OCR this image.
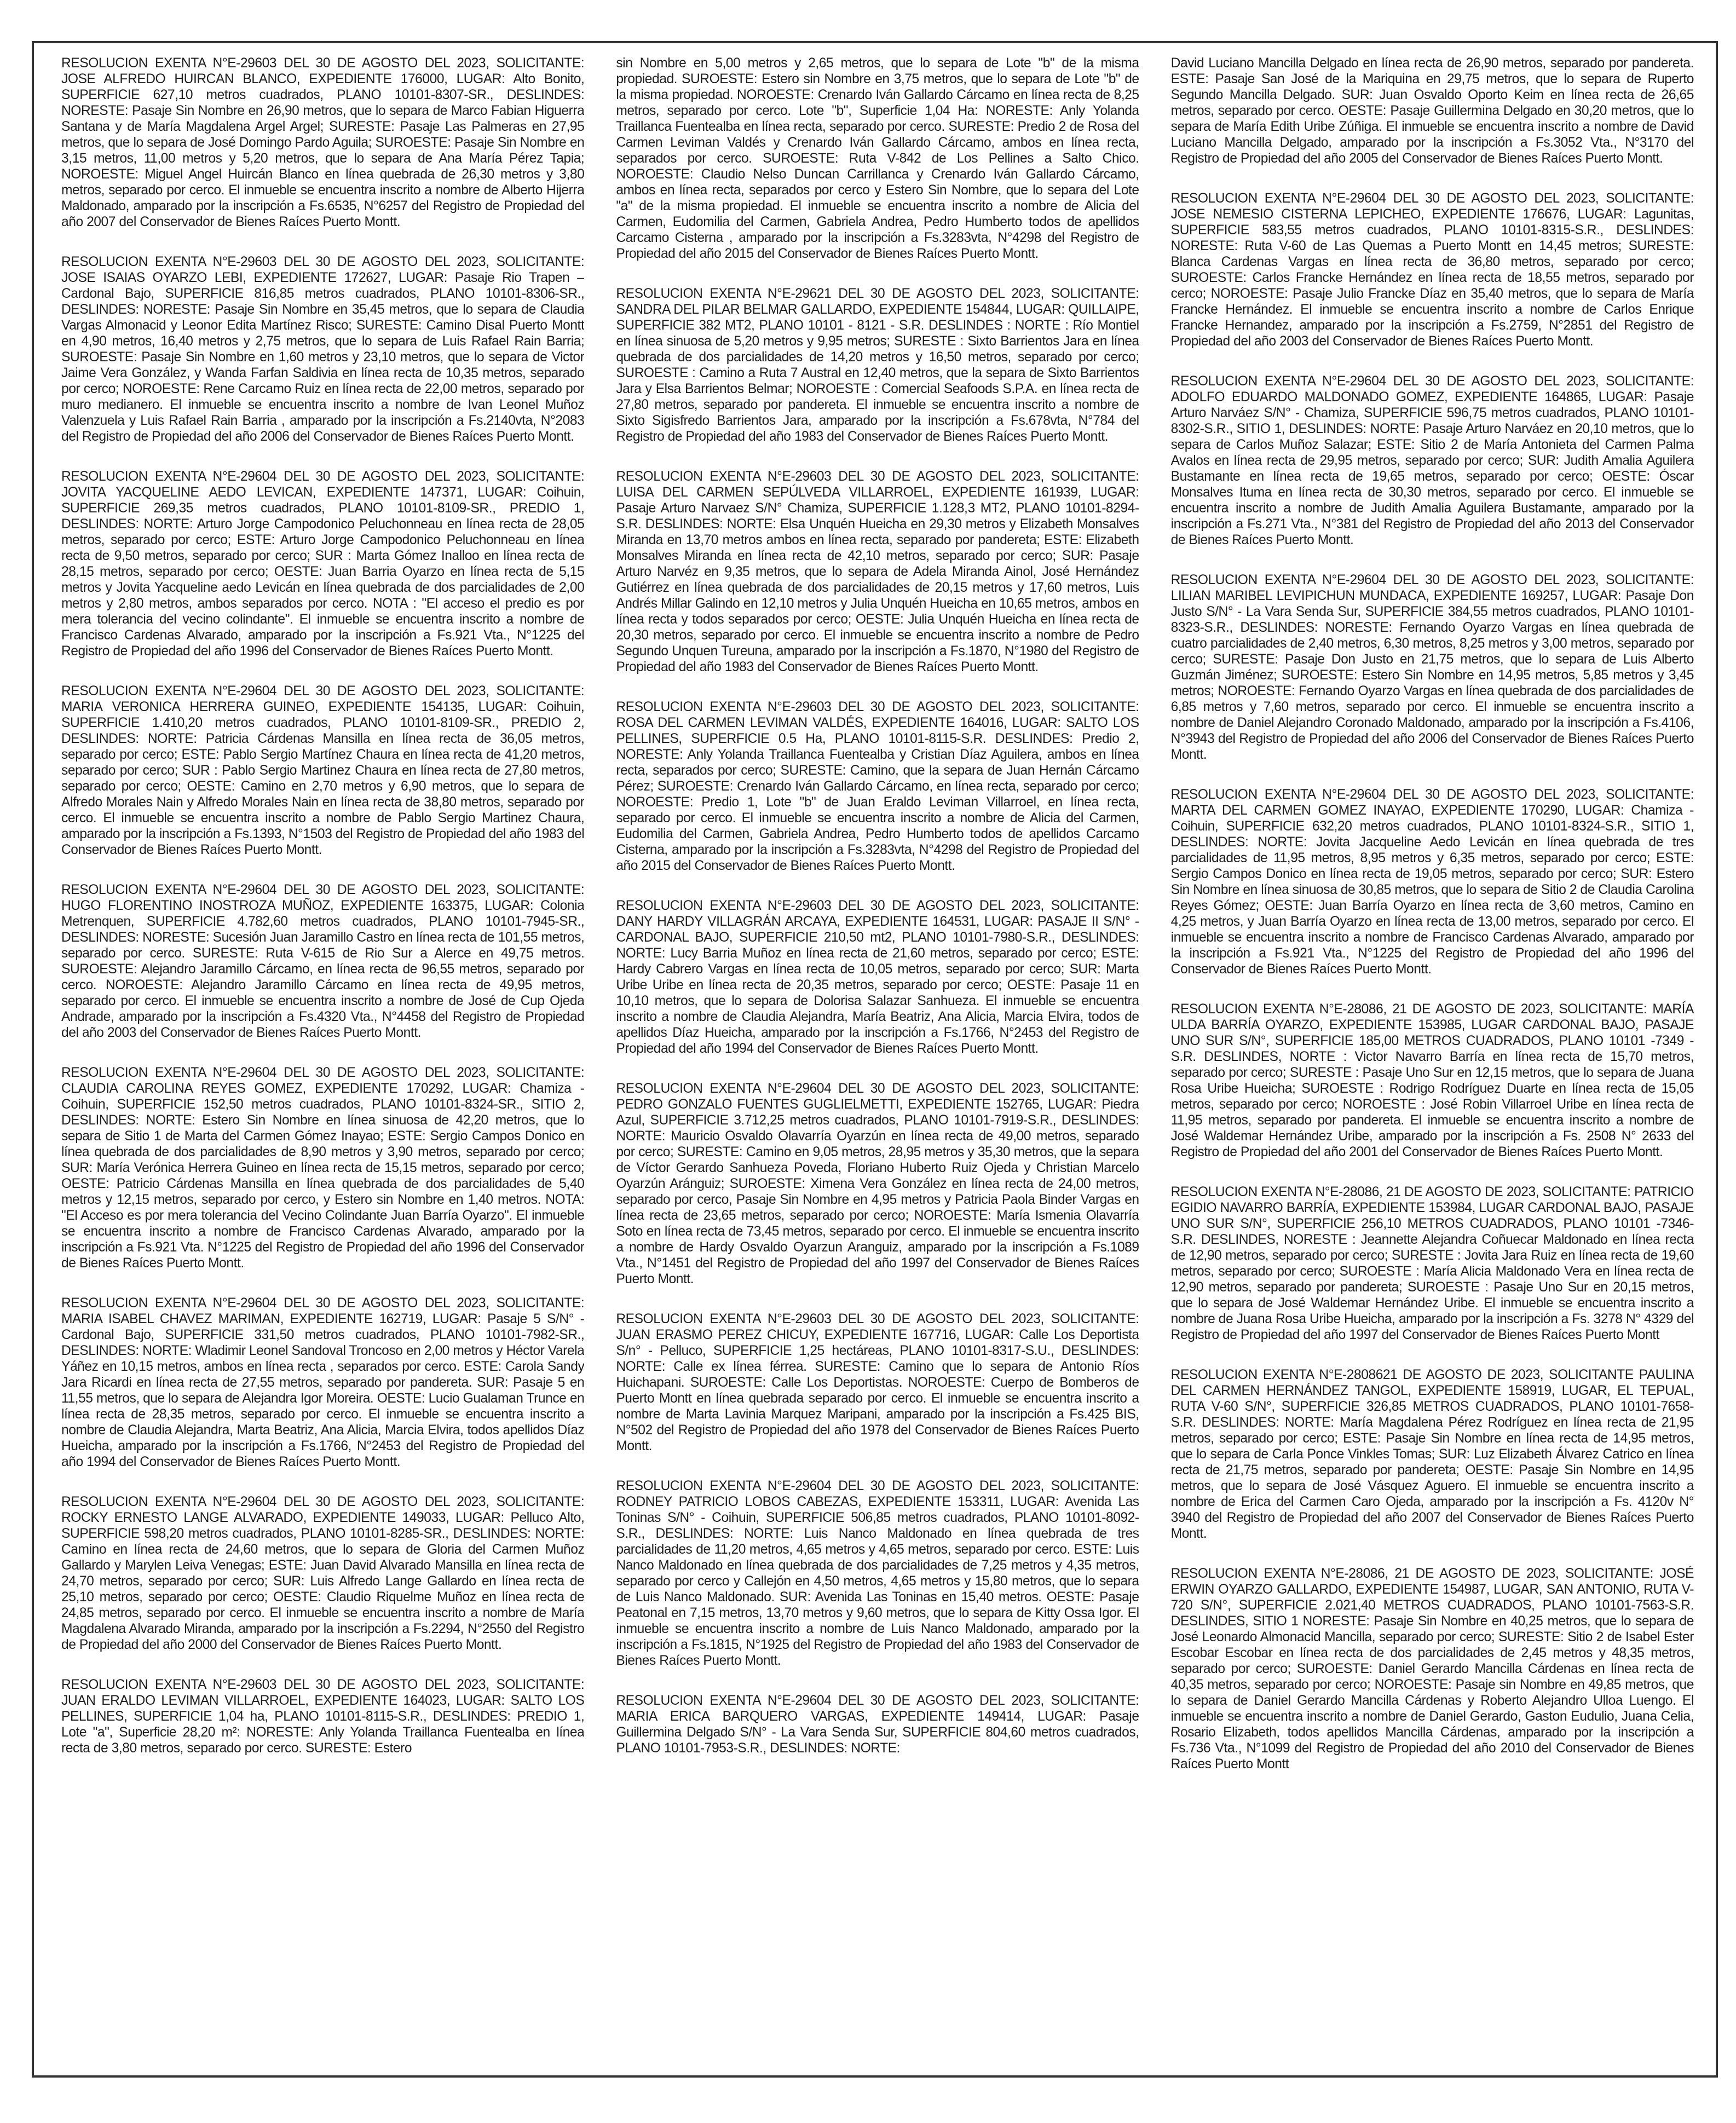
RESOLUCION EXENTA N°E-29603 DEL 30 DE AGOSTO DEL 2023, SOLICITANTE: JOSE ALFREDO HUIRCAN BLANCO, EXPEDIENTE 176000, LUGAR: Alto Bonito, SUPERFICIE 627,10 metros cuadrados, PLANO 10101-8307-SR., DESLINDES: NORESTE: Pasaje Sin Nombre en 26,90 metros, que lo separa de Marco Fabian Higuerra Santana y de María Magdalena Argel Argel; SURESTE: Pasaje Las Palmeras en 27,95 metros, que lo separa de José Domingo Pardo Aguila; SUROESTE: Pasaje Sin Nombre en 3,15 metros, 11,00 metros y 5,20 metros, que lo separa de Ana María Pérez Tapia; NOROESTE: Miguel Angel Huircán Blanco en línea quebrada de 26,30 metros y 3,80 metros, separado por cerco. El inmueble se encuentra inscrito a nombre de Alberto Hijerra Maldonado, amparado por la inscripción a Fs.6535, N°6257 del Registro de Propiedad del año 2007 del Conservador de Bienes Raíces Puerto Montt.

RESOLUCION EXENTA N°E-29603 DEL 30 DE AGOSTO DEL 2023, SOLICITANTE: JOSE ISAIAS OYARZO LEBI, EXPEDIENTE 172627, LUGAR: Pasaje Rio Trapen – Cardonal Bajo, SUPERFICIE 816,85 metros cuadrados, PLANO 10101-8306-SR., DESLINDES: NORESTE: Pasaje Sin Nombre en 35,45 metros, que lo separa de Claudia Vargas Almonacid y Leonor Edita Martínez Risco; SURESTE: Camino Disal Puerto Montt en 4,90 metros, 16,40 metros y 2,75 metros, que lo separa de Luis Rafael Rain Barria; SUROESTE: Pasaje Sin Nombre en 1,60 metros y 23,10 metros, que lo separa de Victor Jaime Vera González, y Wanda Farfan Saldivia en línea recta de 10,35 metros, separado por cerco; NOROESTE: Rene Carcamo Ruiz en línea recta de 22,00 metros, separado por muro medianero. El inmueble se encuentra inscrito a nombre de Ivan Leonel Muñoz Valenzuela y Luis Rafael Rain Barria , amparado por la inscripción a Fs.2140vta, N°2083 del Registro de Propiedad del año 2006 del Conservador de Bienes Raíces Puerto Montt.

RESOLUCION EXENTA N°E-29604 DEL 30 DE AGOSTO DEL 2023, SOLICITANTE: JOVITA YACQUELINE AEDO LEVICAN, EXPEDIENTE 147371, LUGAR: Coihuin, SUPERFICIE 269,35 metros cuadrados, PLANO 10101-8109-SR., PREDIO 1, DESLINDES: NORTE: Arturo Jorge Campodonico Peluchonneau en línea recta de 28,05 metros, separado por cerco; ESTE: Arturo Jorge Campodonico Peluchonneau en línea recta de 9,50 metros, separado por cerco; SUR : Marta Gómez Inalloo en línea recta de 28,15 metros, separado por cerco; OESTE: Juan Barria Oyarzo en línea recta de 5,15 metros y Jovita Yacqueline aedo Levicán en línea quebrada de dos parcialidades de 2,00 metros y 2,80 metros, ambos separados por cerco. NOTA : "El acceso el predio es por mera tolerancia del vecino colindante". El inmueble se encuentra inscrito a nombre de Francisco Cardenas Alvarado, amparado por la inscripción a Fs.921 Vta., N°1225 del Registro de Propiedad del año 1996 del Conservador de Bienes Raíces Puerto Montt.

RESOLUCION EXENTA N°E-29604 DEL 30 DE AGOSTO DEL 2023, SOLICITANTE: MARIA VERONICA HERRERA GUINEO, EXPEDIENTE 154135, LUGAR: Coihuin, SUPERFICIE 1.410,20 metros cuadrados, PLANO 10101-8109-SR., PREDIO 2, DESLINDES: NORTE: Patricia Cárdenas Mansilla en línea recta de 36,05 metros, separado por cerco; ESTE: Pablo Sergio Martínez Chaura en línea recta de 41,20 metros, separado por cerco; SUR : Pablo Sergio Martinez Chaura en línea recta de 27,80 metros, separado por cerco; OESTE: Camino en 2,70 metros y 6,90 metros, que lo separa de Alfredo Morales Nain y Alfredo Morales Nain en línea recta de 38,80 metros, separado por cerco. El inmueble se encuentra inscrito a nombre de Pablo Sergio Martinez Chaura, amparado por la inscripción a Fs.1393, N°1503 del Registro de Propiedad del año 1983 del Conservador de Bienes Raíces Puerto Montt.

RESOLUCION EXENTA N°E-29604 DEL 30 DE AGOSTO DEL 2023, SOLICITANTE: HUGO FLORENTINO INOSTROZA MUÑOZ, EXPEDIENTE 163375, LUGAR: Colonia Metrenquen, SUPERFICIE 4.782,60 metros cuadrados, PLANO 10101-7945-SR., DESLINDES: NORESTE: Sucesión Juan Jaramillo Castro en línea recta de 101,55 metros, separado por cerco. SURESTE: Ruta V-615 de Rio Sur a Alerce en 49,75 metros. SUROESTE: Alejandro Jaramillo Cárcamo, en línea recta de 96,55 metros, separado por cerco. NOROESTE: Alejandro Jaramillo Cárcamo en línea recta de 49,95 metros, separado por cerco. El inmueble se encuentra inscrito a nombre de José de Cup Ojeda Andrade, amparado por la inscripción a Fs.4320 Vta., N°4458 del Registro de Propiedad del año 2003 del Conservador de Bienes Raíces Puerto Montt.

RESOLUCION EXENTA N°E-29604 DEL 30 DE AGOSTO DEL 2023, SOLICITANTE: CLAUDIA CAROLINA REYES GOMEZ, EXPEDIENTE 170292, LUGAR: Chamiza - Coihuin, SUPERFICIE 152,50 metros cuadrados, PLANO 10101-8324-SR., SITIO 2, DESLINDES: NORTE: Estero Sin Nombre en línea sinuosa de 42,20 metros, que lo separa de Sitio 1 de Marta del Carmen Gómez Inayao; ESTE: Sergio Campos Donico en línea quebrada de dos parcialidades de 8,90 metros y 3,90 metros, separado por cerco; SUR: María Verónica Herrera Guineo en línea recta de 15,15 metros, separado por cerco; OESTE: Patricio Cárdenas Mansilla en línea quebrada de dos parcialidades de 5,40 metros y 12,15 metros, separado por cerco, y Estero sin Nombre en 1,40 metros. NOTA: "El Acceso es por mera tolerancia del Vecino Colindante Juan Barría Oyarzo". El inmueble se encuentra inscrito a nombre de Francisco Cardenas Alvarado, amparado por la inscripción a Fs.921 Vta. N°1225 del Registro de Propiedad del año 1996 del Conservador de Bienes Raíces Puerto Montt.

RESOLUCION EXENTA N°E-29604 DEL 30 DE AGOSTO DEL 2023, SOLICITANTE: MARIA ISABEL CHAVEZ MARIMAN, EXPEDIENTE 162719, LUGAR: Pasaje 5 S/N° - Cardonal Bajo, SUPERFICIE 331,50 metros cuadrados, PLANO 10101-7982-SR., DESLINDES: NORTE: Wladimir Leonel Sandoval Troncoso en 2,00 metros y Héctor Varela Yáñez en 10,15 metros, ambos en línea recta , separados por cerco. ESTE: Carola Sandy Jara Ricardi en línea recta de 27,55 metros, separado por pandereta. SUR: Pasaje 5 en 11,55 metros, que lo separa de Alejandra Igor Moreira. OESTE: Lucio Gualaman Trunce en línea recta de 28,35 metros, separado por cerco. El inmueble se encuentra inscrito a nombre de Claudia Alejandra, Marta Beatriz, Ana Alicia, Marcia Elvira, todos apellidos Díaz Hueicha, amparado por la inscripción a Fs.1766, N°2453 del Registro de Propiedad del año 1994 del Conservador de Bienes Raíces Puerto Montt.

RESOLUCION EXENTA N°E-29604 DEL 30 DE AGOSTO DEL 2023, SOLICITANTE: ROCKY ERNESTO LANGE ALVARADO, EXPEDIENTE 149033, LUGAR: Pelluco Alto, SUPERFICIE 598,20 metros cuadrados, PLANO 10101-8285-SR., DESLINDES: NORTE: Camino en línea recta de 24,60 metros, que lo separa de Gloria del Carmen Muñoz Gallardo y Marylen Leiva Venegas; ESTE: Juan David Alvarado Mansilla en línea recta de 24,70 metros, separado por cerco; SUR: Luis Alfredo Lange Gallardo en línea recta de 25,10 metros, separado por cerco; OESTE: Claudio Riquelme Muñoz en línea recta de 24,85 metros, separado por cerco. El inmueble se encuentra inscrito a nombre de María Magdalena Alvarado Miranda, amparado por la inscripción a Fs.2294, N°2550 del Registro de Propiedad del año 2000 del Conservador de Bienes Raíces Puerto Montt.

RESOLUCION EXENTA N°E-29603 DEL 30 DE AGOSTO DEL 2023, SOLICITANTE: JUAN ERALDO LEVIMAN VILLARROEL, EXPEDIENTE 164023, LUGAR: SALTO LOS PELLINES, SUPERFICIE 1,04 ha, PLANO 10101-8115-S.R., DESLINDES: PREDIO 1, Lote "a", Superficie 28,20 m²: NORESTE: Anly Yolanda Traillanca Fuentealba en línea recta de 3,80 metros, separado por cerco. SURESTE: Estero

sin Nombre en 5,00 metros y 2,65 metros, que lo separa de Lote "b" de la misma propiedad. SUROESTE: Estero sin Nombre en 3,75 metros, que lo separa de Lote "b" de la misma propiedad. NOROESTE: Crenardo Iván Gallardo Cárcamo en línea recta de 8,25 metros, separado por cerco. Lote "b", Superficie 1,04 Ha: NORESTE: Anly Yolanda Traillanca Fuentealba en línea recta, separado por cerco. SURESTE: Predio 2 de Rosa del Carmen Leviman Valdés y Crenardo Iván Gallardo Cárcamo, ambos en línea recta, separados por cerco. SUROESTE: Ruta V-842 de Los Pellines a Salto Chico. NOROESTE: Claudio Nelso Duncan Carrillanca y Crenardo Iván Gallardo Cárcamo, ambos en línea recta, separados por cerco y Estero Sin Nombre, que lo separa del Lote "a" de la misma propiedad. El inmueble se encuentra inscrito a nombre de Alicia del Carmen, Eudomilia del Carmen, Gabriela Andrea, Pedro Humberto todos de apellidos Carcamo Cisterna , amparado por la inscripción a Fs.3283vta, N°4298 del Registro de Propiedad del año 2015 del Conservador de Bienes Raíces Puerto Montt.

RESOLUCION EXENTA N°E-29621 DEL 30 DE AGOSTO DEL 2023, SOLICITANTE: SANDRA DEL PILAR BELMAR GALLARDO, EXPEDIENTE 154844, LUGAR: QUILLAIPE, SUPERFICIE 382 MT2, PLANO 10101 - 8121 - S.R. DESLINDES : NORTE : Río Montiel en línea sinuosa de 5,20 metros y 9,95 metros; SURESTE : Sixto Barrientos Jara en línea quebrada de dos parcialidades de 14,20 metros y 16,50 metros, separado por cerco; SUROESTE : Camino a Ruta 7 Austral en 12,40 metros, que la separa de Sixto Barrientos Jara y Elsa Barrientos Belmar; NOROESTE : Comercial Seafoods S.P.A. en línea recta de 27,80 metros, separado por pandereta. El inmueble se encuentra inscrito a nombre de Sixto Sigisfredo Barrientos Jara, amparado por la inscripción a Fs.678vta, N°784 del Registro de Propiedad del año 1983 del Conservador de Bienes Raíces Puerto Montt.

RESOLUCION EXENTA N°E-29603 DEL 30 DE AGOSTO DEL 2023, SOLICITANTE: LUISA DEL CARMEN SEPÚLVEDA VILLARROEL, EXPEDIENTE 161939, LUGAR: Pasaje Arturo Narvaez S/N° Chamiza, SUPERFICIE 1.128,3 MT2, PLANO 10101-8294-S.R. DESLINDES: NORTE: Elsa Unquén Hueicha en 29,30 metros y Elizabeth Monsalves Miranda en 13,70 metros ambos en línea recta, separado por pandereta; ESTE: Elizabeth Monsalves Miranda en línea recta de 42,10 metros, separado por cerco; SUR: Pasaje Arturo Narvéz en 9,35 metros, que lo separa de Adela Miranda Ainol, José Hernández Gutiérrez en línea quebrada de dos parcialidades de 20,15 metros y 17,60 metros, Luis Andrés Millar Galindo en 12,10 metros y Julia Unquén Hueicha en 10,65 metros, ambos en línea recta y todos separados por cerco; OESTE: Julia Unquén Hueicha en línea recta de 20,30 metros, separado por cerco. El inmueble se encuentra inscrito a nombre de Pedro Segundo Unquen Tureuna, amparado por la inscripción a Fs.1870, N°1980 del Registro de Propiedad del año 1983 del Conservador de Bienes Raíces Puerto Montt.

RESOLUCION EXENTA N°E-29603 DEL 30 DE AGOSTO DEL 2023, SOLICITANTE: ROSA DEL CARMEN LEVIMAN VALDÉS, EXPEDIENTE 164016, LUGAR: SALTO LOS PELLINES, SUPERFICIE 0.5 Ha, PLANO 10101-8115-S.R. DESLINDES: Predio 2, NORESTE: Anly Yolanda Traillanca Fuentealba y Cristian Díaz Aguilera, ambos en línea recta, separados por cerco; SURESTE: Camino, que la separa de Juan Hernán Cárcamo Pérez; SUROESTE: Crenardo Iván Gallardo Cárcamo, en línea recta, separado por cerco; NOROESTE: Predio 1, Lote "b" de Juan Eraldo Leviman Villarroel, en línea recta, separado por cerco. El inmueble se encuentra inscrito a nombre de Alicia del Carmen, Eudomilia del Carmen, Gabriela Andrea, Pedro Humberto todos de apellidos Carcamo Cisterna, amparado por la inscripción a Fs.3283vta, N°4298 del Registro de Propiedad del año 2015 del Conservador de Bienes Raíces Puerto Montt.

RESOLUCION EXENTA N°E-29603 DEL 30 DE AGOSTO DEL 2023, SOLICITANTE: DANY HARDY VILLAGRÁN ARCAYA, EXPEDIENTE 164531, LUGAR: PASAJE II S/N° -CARDONAL BAJO, SUPERFICIE 210,50 mt2, PLANO 10101-7980-S.R., DESLINDES: NORTE: Lucy Barria Muñoz en línea recta de 21,60 metros, separado por cerco; ESTE: Hardy Cabrero Vargas en línea recta de 10,05 metros, separado por cerco; SUR: Marta Uribe Uribe en línea recta de 20,35 metros, separado por cerco; OESTE: Pasaje 11 en 10,10 metros, que lo separa de Dolorisa Salazar Sanhueza. El inmueble se encuentra inscrito a nombre de Claudia Alejandra, María Beatriz, Ana Alicia, Marcia Elvira, todos de apellidos Díaz Hueicha, amparado por la inscripción a Fs.1766, N°2453 del Registro de Propiedad del año 1994 del Conservador de Bienes Raíces Puerto Montt.

RESOLUCION EXENTA N°E-29604 DEL 30 DE AGOSTO DEL 2023, SOLICITANTE: PEDRO GONZALO FUENTES GUGLIELMETTI, EXPEDIENTE 152765, LUGAR: Piedra Azul, SUPERFICIE 3.712,25 metros cuadrados, PLANO 10101-7919-S.R., DESLINDES: NORTE: Mauricio Osvaldo Olavarría Oyarzún en línea recta de 49,00 metros, separado por cerco; SURESTE: Camino en 9,05 metros, 28,95 metros y 35,30 metros, que la separa de Víctor Gerardo Sanhueza Poveda, Floriano Huberto Ruiz Ojeda y Christian Marcelo Oyarzún Aránguiz; SUROESTE: Ximena Vera González en línea recta de 24,00 metros, separado por cerco, Pasaje Sin Nombre en 4,95 metros y Patricia Paola Binder Vargas en línea recta de 23,65 metros, separado por cerco; NOROESTE: María Ismenia Olavarría Soto en línea recta de 73,45 metros, separado por cerco. El inmueble se encuentra inscrito a nombre de Hardy Osvaldo Oyarzun Aranguiz, amparado por la inscripción a Fs.1089 Vta., N°1451 del Registro de Propiedad del año 1997 del Conservador de Bienes Raíces Puerto Montt.

RESOLUCION EXENTA N°E-29603 DEL 30 DE AGOSTO DEL 2023, SOLICITANTE: JUAN ERASMO PEREZ CHICUY, EXPEDIENTE 167716, LUGAR: Calle Los Deportista S/n° - Pelluco, SUPERFICIE 1,25 hectáreas, PLANO 10101-8317-S.U., DESLINDES: NORTE: Calle ex línea férrea. SURESTE: Camino que lo separa de Antonio Ríos Huichapani. SUROESTE: Calle Los Deportistas. NOROESTE: Cuerpo de Bomberos de Puerto Montt en línea quebrada separado por cerco. El inmueble se encuentra inscrito a nombre de Marta Lavinia Marquez Maripani, amparado por la inscripción a Fs.425 BIS, N°502 del Registro de Propiedad del año 1978 del Conservador de Bienes Raíces Puerto Montt.

RESOLUCION EXENTA N°E-29604 DEL 30 DE AGOSTO DEL 2023, SOLICITANTE: RODNEY PATRICIO LOBOS CABEZAS, EXPEDIENTE 153311, LUGAR: Avenida Las Toninas S/N° - Coihuin, SUPERFICIE 506,85 metros cuadrados, PLANO 10101-8092-S.R., DESLINDES: NORTE: Luis Nanco Maldonado en línea quebrada de tres parcialidades de 11,20 metros, 4,65 metros y 4,65 metros, separado por cerco. ESTE: Luis Nanco Maldonado en línea quebrada de dos parcialidades de 7,25 metros y 4,35 metros, separado por cerco y Callejón en 4,50 metros, 4,65 metros y 15,80 metros, que lo separa de Luis Nanco Maldonado. SUR: Avenida Las Toninas en 15,40 metros. OESTE: Pasaje Peatonal en 7,15 metros, 13,70 metros y 9,60 metros, que lo separa de Kitty Ossa Igor. El inmueble se encuentra inscrito a nombre de Luis Nanco Maldonado, amparado por la inscripción a Fs.1815, N°1925 del Registro de Propiedad del año 1983 del Conservador de Bienes Raíces Puerto Montt.

RESOLUCION EXENTA N°E-29604 DEL 30 DE AGOSTO DEL 2023, SOLICITANTE: MARIA ERICA BARQUERO VARGAS, EXPEDIENTE 149414, LUGAR: Pasaje Guillermina Delgado S/N° - La Vara Senda Sur, SUPERFICIE 804,60 metros cuadrados, PLANO 10101-7953-S.R., DESLINDES: NORTE:

David Luciano Mancilla Delgado en línea recta de 26,90 metros, separado por pandereta. ESTE: Pasaje San José de la Mariquina en 29,75 metros, que lo separa de Ruperto Segundo Mancilla Delgado. SUR: Juan Osvaldo Oporto Keim en línea recta de 26,65 metros, separado por cerco. OESTE: Pasaje Guillermina Delgado en 30,20 metros, que lo separa de María Edith Uribe Zúñiga. El inmueble se encuentra inscrito a nombre de David Luciano Mancilla Delgado, amparado por la inscripción a Fs.3052 Vta., N°3170 del Registro de Propiedad del año 2005 del Conservador de Bienes Raíces Puerto Montt.

RESOLUCION EXENTA N°E-29604 DEL 30 DE AGOSTO DEL 2023, SOLICITANTE: JOSE NEMESIO CISTERNA LEPICHEO, EXPEDIENTE 176676, LUGAR: Lagunitas, SUPERFICIE 583,55 metros cuadrados, PLANO 10101-8315-S.R., DESLINDES: NORESTE: Ruta V-60 de Las Quemas a Puerto Montt en 14,45 metros; SURESTE: Blanca Cardenas Vargas en línea recta de 36,80 metros, separado por cerco; SUROESTE: Carlos Francke Hernández en línea recta de 18,55 metros, separado por cerco; NOROESTE: Pasaje Julio Francke Díaz en 35,40 metros, que lo separa de María Francke Hernández. El inmueble se encuentra inscrito a nombre de Carlos Enrique Francke Hernandez, amparado por la inscripción a Fs.2759, N°2851 del Registro de Propiedad del año 2003 del Conservador de Bienes Raíces Puerto Montt.

RESOLUCION EXENTA N°E-29604 DEL 30 DE AGOSTO DEL 2023, SOLICITANTE: ADOLFO EDUARDO MALDONADO GOMEZ, EXPEDIENTE 164865, LUGAR: Pasaje Arturo Narváez S/N° - Chamiza, SUPERFICIE 596,75 metros cuadrados, PLANO 10101-8302-S.R., SITIO 1, DESLINDES: NORTE: Pasaje Arturo Narváez en 20,10 metros, que lo separa de Carlos Muñoz Salazar; ESTE: Sitio 2 de María Antonieta del Carmen Palma Avalos en línea recta de 29,95 metros, separado por cerco; SUR: Judith Amalia Aguilera Bustamante en línea recta de 19,65 metros, separado por cerco; OESTE: Óscar Monsalves Ituma en línea recta de 30,30 metros, separado por cerco. El inmueble se encuentra inscrito a nombre de Judith Amalia Aguilera Bustamante, amparado por la inscripción a Fs.271 Vta., N°381 del Registro de Propiedad del año 2013 del Conservador de Bienes Raíces Puerto Montt.

RESOLUCION EXENTA N°E-29604 DEL 30 DE AGOSTO DEL 2023, SOLICITANTE: LILIAN MARIBEL LEVIPICHUN MUNDACA, EXPEDIENTE 169257, LUGAR: Pasaje Don Justo S/N° - La Vara Senda Sur, SUPERFICIE 384,55 metros cuadrados, PLANO 10101-8323-S.R., DESLINDES: NORESTE: Fernando Oyarzo Vargas en línea quebrada de cuatro parcialidades de 2,40 metros, 6,30 metros, 8,25 metros y 3,00 metros, separado por cerco; SURESTE: Pasaje Don Justo en 21,75 metros, que lo separa de Luis Alberto Guzmán Jiménez; SUROESTE: Estero Sin Nombre en 14,95 metros, 5,85 metros y 3,45 metros; NOROESTE: Fernando Oyarzo Vargas en línea quebrada de dos parcialidades de 6,85 metros y 7,60 metros, separado por cerco. El inmueble se encuentra inscrito a nombre de Daniel Alejandro Coronado Maldonado, amparado por la inscripción a Fs.4106, N°3943 del Registro de Propiedad del año 2006 del Conservador de Bienes Raíces Puerto Montt.

RESOLUCION EXENTA N°E-29604 DEL 30 DE AGOSTO DEL 2023, SOLICITANTE: MARTA DEL CARMEN GOMEZ INAYAO, EXPEDIENTE 170290, LUGAR: Chamiza - Coihuin, SUPERFICIE 632,20 metros cuadrados, PLANO 10101-8324-S.R., SITIO 1, DESLINDES: NORTE: Jovita Jacqueline Aedo Levicán en línea quebrada de tres parcialidades de 11,95 metros, 8,95 metros y 6,35 metros, separado por cerco; ESTE: Sergio Campos Donico en línea recta de 19,05 metros, separado por cerco; SUR: Estero Sin Nombre en línea sinuosa de 30,85 metros, que lo separa de Sitio 2 de Claudia Carolina Reyes Gómez; OESTE: Juan Barría Oyarzo en línea recta de 3,60 metros, Camino en 4,25 metros, y Juan Barría Oyarzo en línea recta de 13,00 metros, separado por cerco. El inmueble se encuentra inscrito a nombre de Francisco Cardenas Alvarado, amparado por la inscripción a Fs.921 Vta., N°1225 del Registro de Propiedad del año 1996 del Conservador de Bienes Raíces Puerto Montt.

RESOLUCION EXENTA N°E-28086, 21 DE AGOSTO DE 2023, SOLICITANTE: MARÍA ULDA BARRÍA OYARZO, EXPEDIENTE 153985, LUGAR CARDONAL BAJO, PASAJE UNO SUR S/N°, SUPERFICIE 185,00 METROS CUADRADOS, PLANO 10101 -7349 - S.R. DESLINDES, NORTE : Victor Navarro Barría en línea recta de 15,70 metros, separado por cerco; SURESTE : Pasaje Uno Sur en 12,15 metros, que lo separa de Juana Rosa Uribe Hueicha; SUROESTE : Rodrigo Rodríguez Duarte en línea recta de 15,05 metros, separado por cerco; NOROESTE : José Robin Villarroel Uribe en línea recta de 11,95 metros, separado por pandereta. El inmueble se encuentra inscrito a nombre de José Waldemar Hernández Uribe, amparado por la inscripción a Fs. 2508 N° 2633 del Registro de Propiedad del año 2001 del Conservador de Bienes Raíces Puerto Montt.

RESOLUCION EXENTA N°E-28086, 21 DE AGOSTO DE 2023, SOLICITANTE: PATRICIO EGIDIO NAVARRO BARRÍA, EXPEDIENTE 153984, LUGAR CARDONAL BAJO, PASAJE UNO SUR S/N°, SUPERFICIE 256,10 METROS CUADRADOS, PLANO 10101 -7346- S.R. DESLINDES, NORESTE : Jeannette Alejandra Coñuecar Maldonado en línea recta de 12,90 metros, separado por cerco; SURESTE : Jovita Jara Ruiz en línea recta de 19,60 metros, separado por cerco; SUROESTE : María Alicia Maldonado Vera en línea recta de 12,90 metros, separado por pandereta; SUROESTE : Pasaje Uno Sur en 20,15 metros, que lo separa de José Waldemar Hernández Uribe. El inmueble se encuentra inscrito a nombre de Juana Rosa Uribe Hueicha, amparado por la inscripción a Fs. 3278 N° 4329 del Registro de Propiedad del año 1997 del Conservador de Bienes Raíces Puerto Montt

RESOLUCION EXENTA N°E-2808621 DE AGOSTO DE 2023, SOLICITANTE PAULINA DEL CARMEN HERNÁNDEZ TANGOL, EXPEDIENTE 158919, LUGAR, EL TEPUAL, RUTA V-60 S/N°, SUPERFICIE 326,85 METROS CUADRADOS, PLANO 10101-7658-S.R. DESLINDES: NORTE: María Magdalena Pérez Rodríguez en línea recta de 21,95 metros, separado por cerco; ESTE: Pasaje Sin Nombre en línea recta de 14,95 metros, que lo separa de Carla Ponce Vinkles Tomas; SUR: Luz Elizabeth Álvarez Catrico en línea recta de 21,75 metros, separado por pandereta; OESTE: Pasaje Sin Nombre en 14,95 metros, que lo separa de José Vásquez Aguero. El inmueble se encuentra inscrito a nombre de Erica del Carmen Caro Ojeda, amparado por la inscripción a Fs. 4120v N° 3940 del Registro de Propiedad del año 2007 del Conservador de Bienes Raíces Puerto Montt.

RESOLUCION EXENTA N°E-28086, 21 DE AGOSTO DE 2023, SOLICITANTE: JOSÉ ERWIN OYARZO GALLARDO, EXPEDIENTE 154987, LUGAR, SAN ANTONIO, RUTA V-720 S/N°, SUPERFICIE 2.021,40 METROS CUADRADOS, PLANO 10101-7563-S.R. DESLINDES, SITIO 1 NORESTE: Pasaje Sin Nombre en 40,25 metros, que lo separa de José Leonardo Almonacid Mancilla, separado por cerco; SURESTE: Sitio 2 de Isabel Ester Escobar Escobar en línea recta de dos parcialidades de 2,45 metros y 48,35 metros, separado por cerco; SUROESTE: Daniel Gerardo Mancilla Cárdenas en línea recta de 40,35 metros, separado por cerco; NOROESTE: Pasaje sin Nombre en 49,85 metros, que lo separa de Daniel Gerardo Mancilla Cárdenas y Roberto Alejandro Ulloa Luengo. El inmueble se encuentra inscrito a nombre de Daniel Gerardo, Gaston Eudulio, Juana Celia, Rosario Elizabeth, todos apellidos Mancilla Cárdenas, amparado por la inscripción a Fs.736 Vta., N°1099 del Registro de Propiedad del año 2010 del Conservador de Bienes Raíces Puerto Montt
